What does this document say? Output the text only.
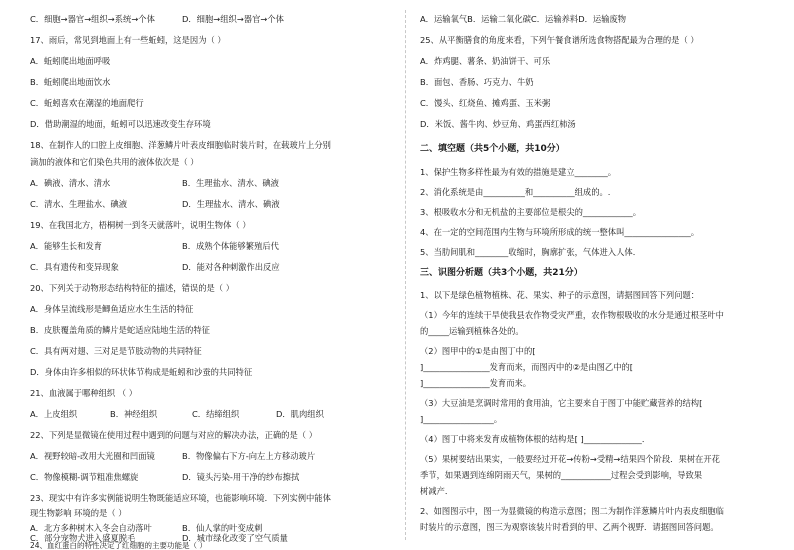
C．细胞→器官→组织→系统→个体	D．细胞→组织→器官→个体
17、雨后，常见到地面上有一些蚯蚓，这是因为（ ）
A．蚯蚓爬出地面呼吸
B．蚯蚓爬出地面饮水
C．蚯蚓喜欢在潮湿的地面爬行
D．借助潮湿的地面，蚯蚓可以迅速改变生存环境
18、在制作人的口腔上皮细胞、洋葱鳞片叶表皮细胞临时装片时，在载玻片上分别
滴加的液体和它们染色共用的液体依次是（ ）
A．碘液、清水、清水	B．生理盐水、清水、碘液
C．清水、生理盐水、碘液	D．生理盐水、清水、碘液
19、在我国北方，梧桐树一到冬天就落叶，说明生物体（ ）
A．能够生长和发育	B．成熟个体能够繁殖后代
C．具有遗传和变异现象	D．能对各种刺激作出反应
20、下列关于动物形态结构特征的描述，错误的是（ ）
A．身体呈流线形是鲫鱼适应水生生活的特征
B．皮肤覆盖角质的鳞片是蛇适应陆地生活的特征
C．具有两对翅、三对足是节肢动物的共同特征
D．身体由许多相似的环状体节构成是蚯蚓和沙蚕的共同特征
21、血液属于哪种组织 （ ）
A．上皮组织	B．神经组织	C．结缔组织	D．肌肉组织
22、下列是显微镜在使用过程中遇到的问题与对应的解决办法，正确的是（ ）
A．视野较暗-改用大光圈和凹面镜	B．物像偏右下方-向左上方移动玻片
C．物像模糊-调节粗准焦螺旋	D．镜头污染-用干净的纱布擦拭
23、现实中有许多实例能说明生物既能适应环境，也能影响环境．下列实例中能体
现生物影响 环境的是（ ）
A．北方多种树木入冬会自动落叶	B．仙人掌的叶变成刺
C．部分宠物犬进入盛夏脱毛	D．城市绿化改变了空气质量
24、血红蛋白的特性决定了红细胞的主要功能是（ ）
A．运输氧气B．运输二氧化碳C．运输养料D．运输废物
25、从平衡膳食的角度来看，下列午餐食谱所选食物搭配最为合理的是（ ）
A．炸鸡腿、薯条、奶油饼干、可乐
B．面包、香肠、巧克力、牛奶
C．馒头、红烧鱼、摊鸡蛋、玉米粥
D．米饭、酱牛肉、炒豆角、鸡蛋西红柿汤
二、填空题（共5个小题，共10分）
1、保护生物多样性最为有效的措施是建立________。
2、消化系统是由__________和__________组成的。.
3、根吸收水分和无机盐的主要部位是根尖的____________。
4、在一定的空间范围内生物与环境所形成的统一整体叫________________。
5、当肋间肌和________收缩时，胸廓扩张，气体进入人体．
三、识图分析题（共3个小题，共21分）
1、以下是绿色植物植株、花、果实、种子的示意图，请据图回答下列问题：
（1）今年的连续干旱使我县农作物受灾严重，农作物根吸收的水分是通过根茎叶中
的_____运输到植株各处的。
（2）图甲中的①是由图丁中的[
]________________发育而来，而图丙中的②是由图乙中的[
]________________发育而来。
（3）大豆油是烹调时常用的食用油，它主要来自于图丁中能贮藏营养的结构[
]_________________。
（4）图丁中将来发育成植物体根的结构是[ ]______________．
（5）果树要结出果实，一般要经过开花→传粉→受精→结果四个阶段．果树在开花
季节，如果遇到连绵阴雨天气，果树的____________过程会受到影响，导致果
树减产．
2、如图图示中，图一为显微镜的构造示意图；图二为制作洋葱鳞片叶内表皮细胞临
时装片的示意图，图三为观察该装片时看到的甲、乙两个视野．请据图回答问题。
